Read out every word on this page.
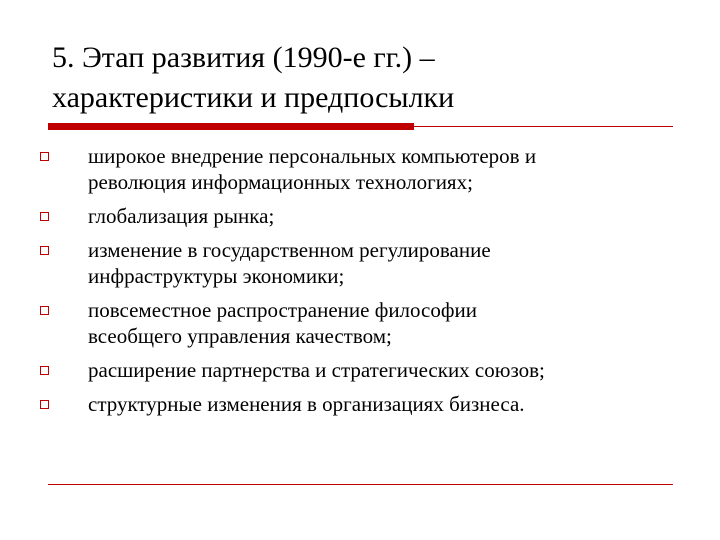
5. Этап развития (1990-е гг.) –
характеристики и предпосылки
широкое внедрение персональных компьютеров и
революция информационных технологиях;
глобализация рынка;
изменение в государственном регулирование
инфраструктуры экономики;
повсеместное распространение философии
всеобщего управления качеством;
расширение партнерства и стратегических союзов;
структурные изменения в организациях бизнеса.
